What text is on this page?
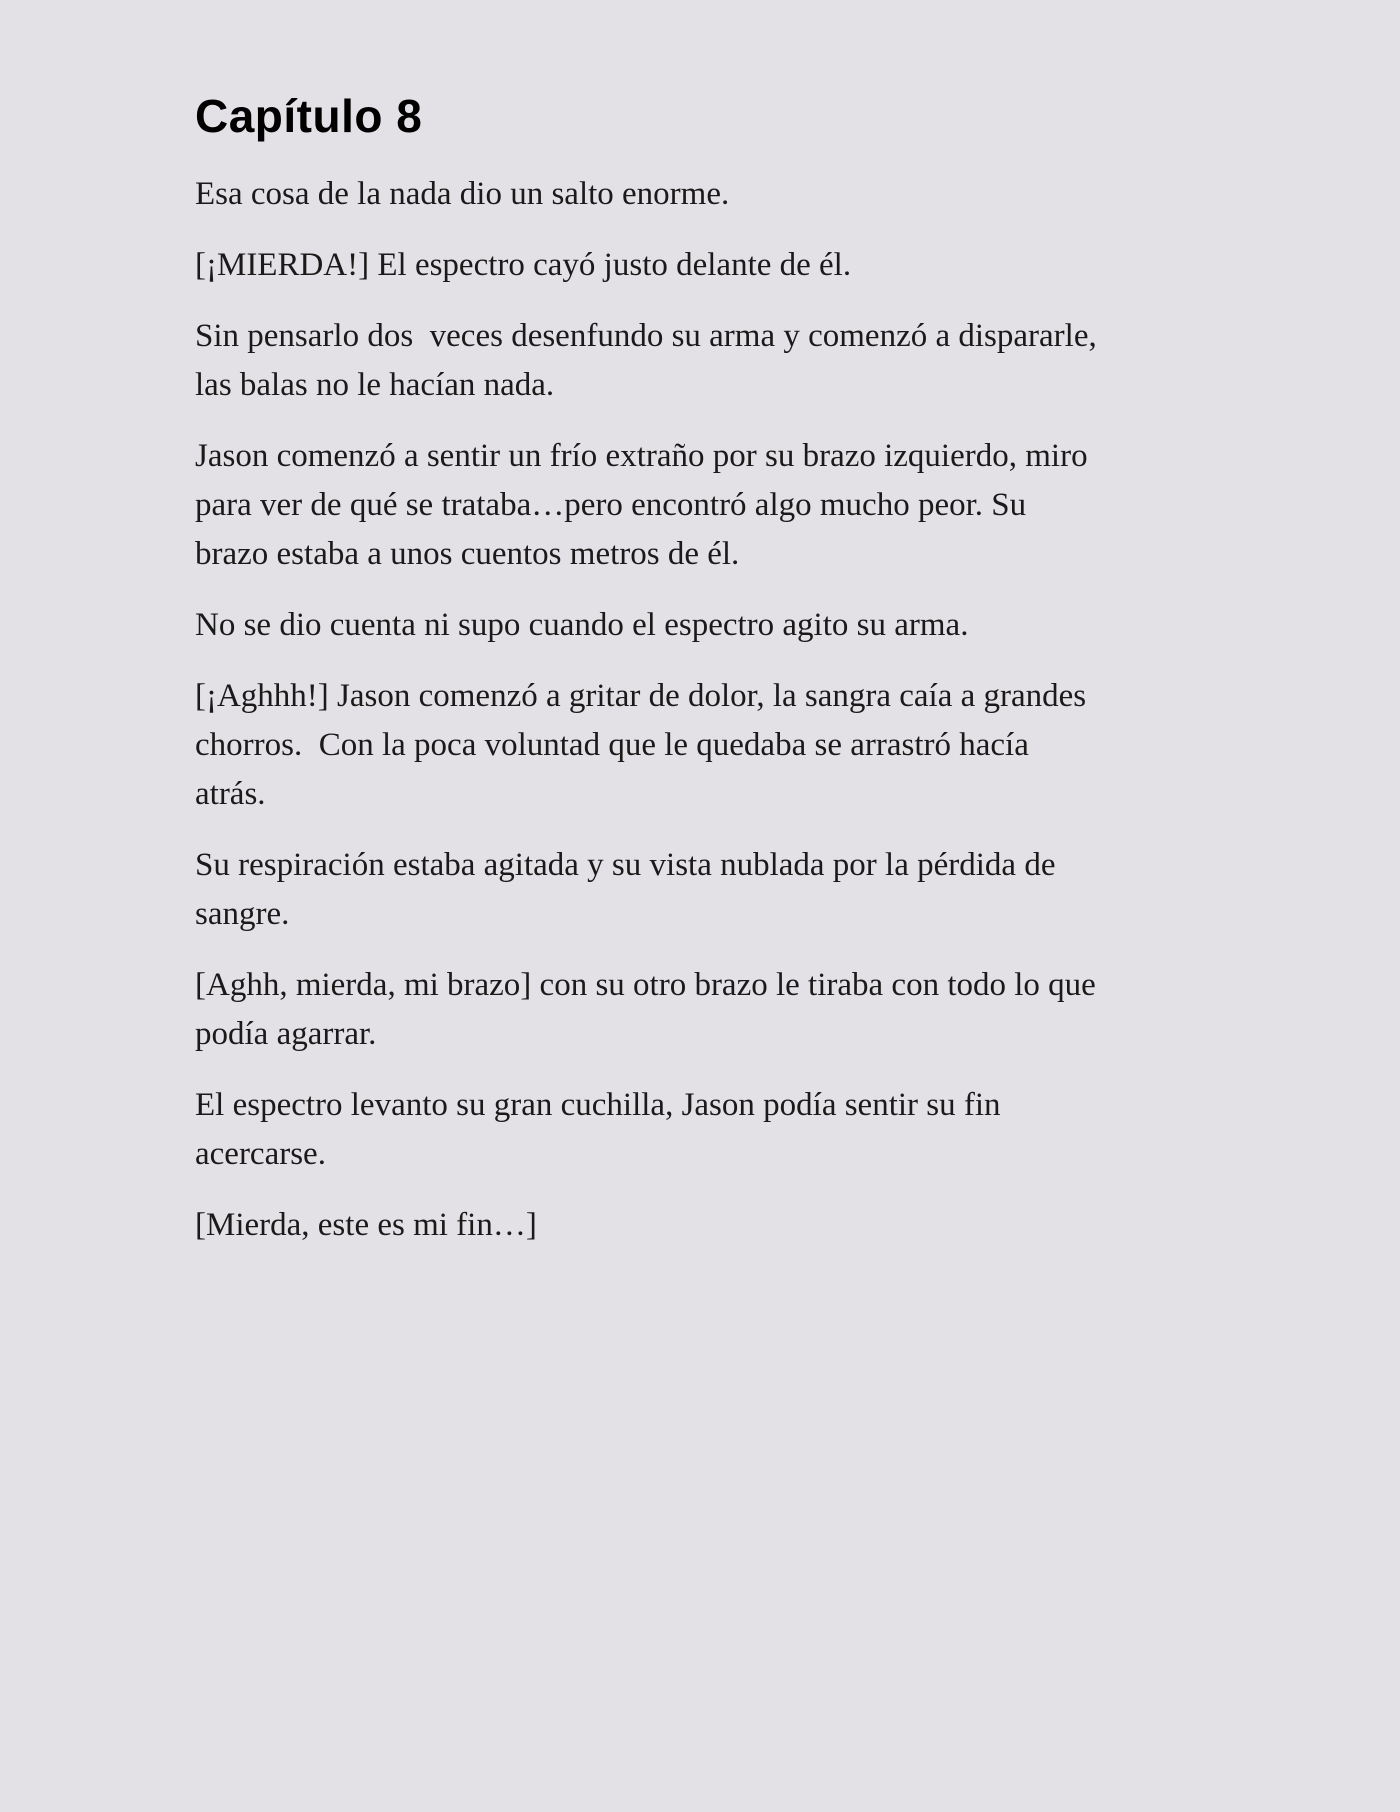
Capítulo 8

Esa cosa de la nada dio un salto enorme.

[¡MIERDA!] El espectro cayó justo delante de él.

Sin pensarlo dos  veces desenfundo su arma y comenzó a dispararle,
las balas no le hacían nada.

Jason comenzó a sentir un frío extraño por su brazo izquierdo, miro
para ver de qué se trataba…pero encontró algo mucho peor. Su
brazo estaba a unos cuentos metros de él.

No se dio cuenta ni supo cuando el espectro agito su arma.

[¡Aghhh!] Jason comenzó a gritar de dolor, la sangra caía a grandes
chorros.  Con la poca voluntad que le quedaba se arrastró hacía
atrás.

Su respiración estaba agitada y su vista nublada por la pérdida de
sangre.

[Aghh, mierda, mi brazo] con su otro brazo le tiraba con todo lo que
podía agarrar.

El espectro levanto su gran cuchilla, Jason podía sentir su fin
acercarse.

[Mierda, este es mi fin…]
